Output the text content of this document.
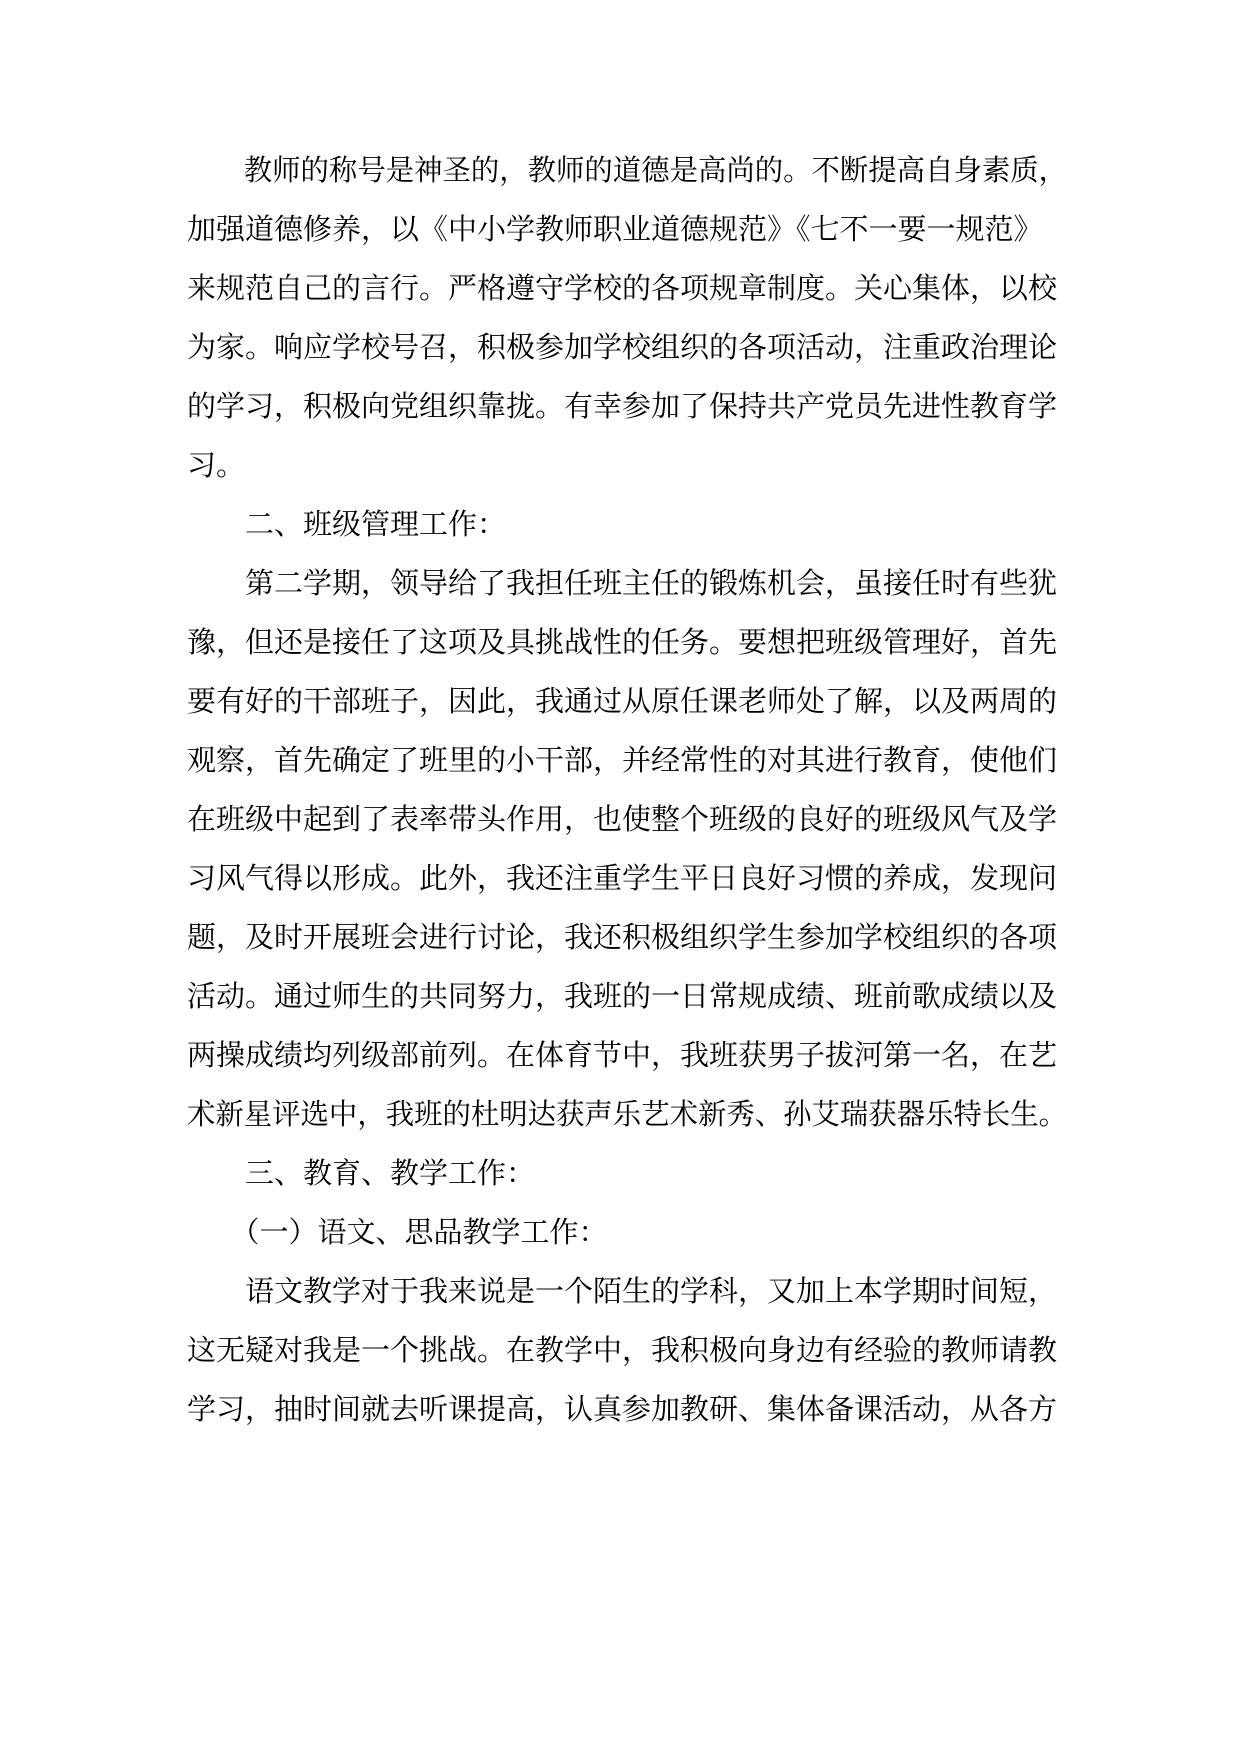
　　教师的称号是神圣的，教师的道德是高尚的。不断提高自身素质，
加强道德修养，以《中小学教师职业道德规范》《七不一要一规范》
来规范自己的言行。严格遵守学校的各项规章制度。关心集体，以校
为家。响应学校号召，积极参加学校组织的各项活动，注重政治理论
的学习，积极向党组织靠拢。有幸参加了保持共产党员先进性教育学
习。
　　二、班级管理工作：
　　第二学期，领导给了我担任班主任的锻炼机会，虽接任时有些犹
豫，但还是接任了这项及具挑战性的任务。要想把班级管理好，首先
要有好的干部班子，因此，我通过从原任课老师处了解，以及两周的
观察，首先确定了班里的小干部，并经常性的对其进行教育，使他们
在班级中起到了表率带头作用，也使整个班级的良好的班级风气及学
习风气得以形成。此外，我还注重学生平日良好习惯的养成，发现问
题，及时开展班会进行讨论，我还积极组织学生参加学校组织的各项
活动。通过师生的共同努力，我班的一日常规成绩、班前歌成绩以及
两操成绩均列级部前列。在体育节中，我班获男子拔河第一名，在艺
术新星评选中，我班的杜明达获声乐艺术新秀、孙艾瑞获器乐特长生。
　　三、教育、教学工作：
　　（一）语文、思品教学工作：
　　语文教学对于我来说是一个陌生的学科，又加上本学期时间短，
这无疑对我是一个挑战。在教学中，我积极向身边有经验的教师请教
学习，抽时间就去听课提高，认真参加教研、集体备课活动，从各方
